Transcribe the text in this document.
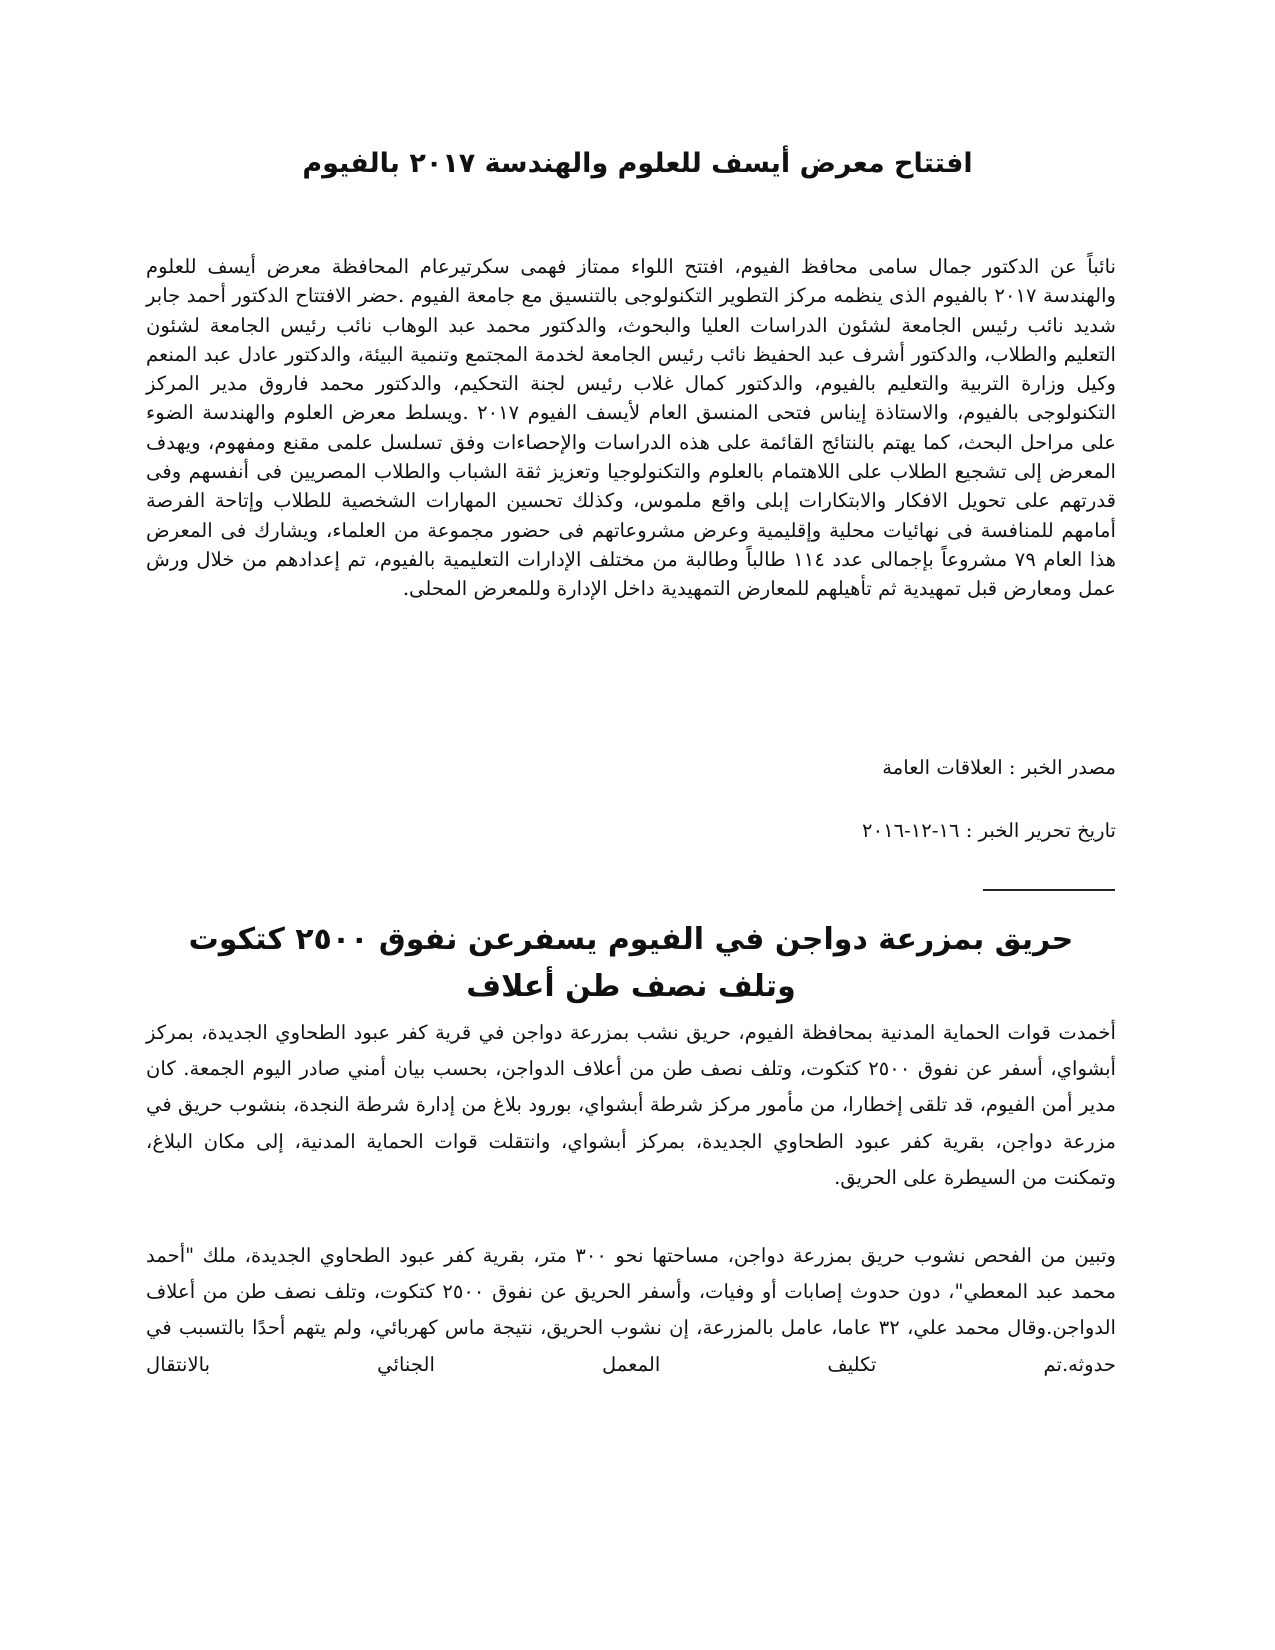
افتتاح معرض أيسف للعلوم والهندسة ٢٠١٧ بالفيوم

نائباً عن الدكتور جمال سامى محافظ الفيوم، افتتح اللواء ممتاز فهمى سكرتيرعام المحافظة معرض أيسف للعلوم والهندسة ٢٠١٧ بالفيوم الذى ينظمه مركز التطوير التكنولوجى بالتنسيق مع جامعة الفيوم .حضر الافتتاح الدكتور أحمد جابر شديد نائب رئيس الجامعة لشئون الدراسات العليا والبحوث، والدكتور محمد عبد الوهاب نائب رئيس الجامعة لشئون التعليم والطلاب، والدكتور أشرف عبد الحفيظ نائب رئيس الجامعة لخدمة المجتمع وتنمية البيئة، والدكتور عادل عبد المنعم وكيل وزارة التربية والتعليم بالفيوم، والدكتور كمال غلاب رئيس لجنة التحكيم، والدكتور محمد فاروق مدير المركز التكنولوجى بالفيوم، والاستاذة إيناس فتحى المنسق العام لأيسف الفيوم ٢٠١٧ .ويسلط معرض العلوم والهندسة الضوء على مراحل البحث، كما يهتم بالنتائج القائمة على هذه الدراسات والإحصاءات وفق تسلسل علمى مقنع ومفهوم، ويهدف المعرض إلى تشجيع الطلاب على اللاهتمام بالعلوم والتكنولوجيا وتعزيز ثقة الشباب والطلاب المصريين فى أنفسهم وفى قدرتهم على تحويل الافكار والابتكارات إبلى واقع ملموس، وكذلك تحسين المهارات الشخصية للطلاب وإتاحة الفرصة أمامهم للمنافسة فى نهائيات محلية وإقليمية وعرض مشروعاتهم فى حضور مجموعة من العلماء، ويشارك فى المعرض هذا العام ٧٩ مشروعاً بإجمالى عدد ١١٤ طالباً وطالبة من مختلف الإدارات التعليمية بالفيوم، تم إعدادهم من خلال ورش عمل ومعارض قبل تمهيدية ثم تأهيلهم للمعارض التمهيدية داخل الإدارة وللمعرض المحلى.

مصدر الخبر : العلاقات العامة

تاريخ تحرير الخبر : ١٦-١٢-٢٠١٦

حريق بمزرعة دواجن في الفيوم يسفرعن نفوق ٢٥٠٠ كتكوت وتلف نصف طن أعلاف

أخمدت قوات الحماية المدنية بمحافظة الفيوم، حريق نشب بمزرعة دواجن في قرية كفر عبود الطحاوي الجديدة، بمركز أبشواي، أسفر عن نفوق ٢٥٠٠ كتكوت، وتلف نصف طن من أعلاف الدواجن، بحسب بيان أمني صادر اليوم الجمعة. كان مدير أمن الفيوم، قد تلقى إخطارا، من مأمور مركز شرطة أبشواي، بورود بلاغ من إدارة شرطة النجدة، بنشوب حريق في مزرعة دواجن، بقرية كفر عبود الطحاوي الجديدة، بمركز أبشواي، وانتقلت قوات الحماية المدنية، إلى مكان البلاغ، وتمكنت من السيطرة على الحريق.

وتبين من الفحص نشوب حريق بمزرعة دواجن، مساحتها نحو ٣٠٠ متر، بقرية كفر عبود الطحاوي الجديدة، ملك "أحمد محمد عبد المعطي"، دون حدوث إصابات أو وفيات، وأسفر الحريق عن نفوق ٢٥٠٠ كتكوت، وتلف نصف طن من أعلاف الدواجن.وقال محمد علي، ٣٢ عاما، عامل بالمزرعة، إن نشوب الحريق، نتيجة ماس كهربائي، ولم يتهم أحدًا بالتسبب في حدوثه.تم تكليف المعمل الجنائي بالانتقال
